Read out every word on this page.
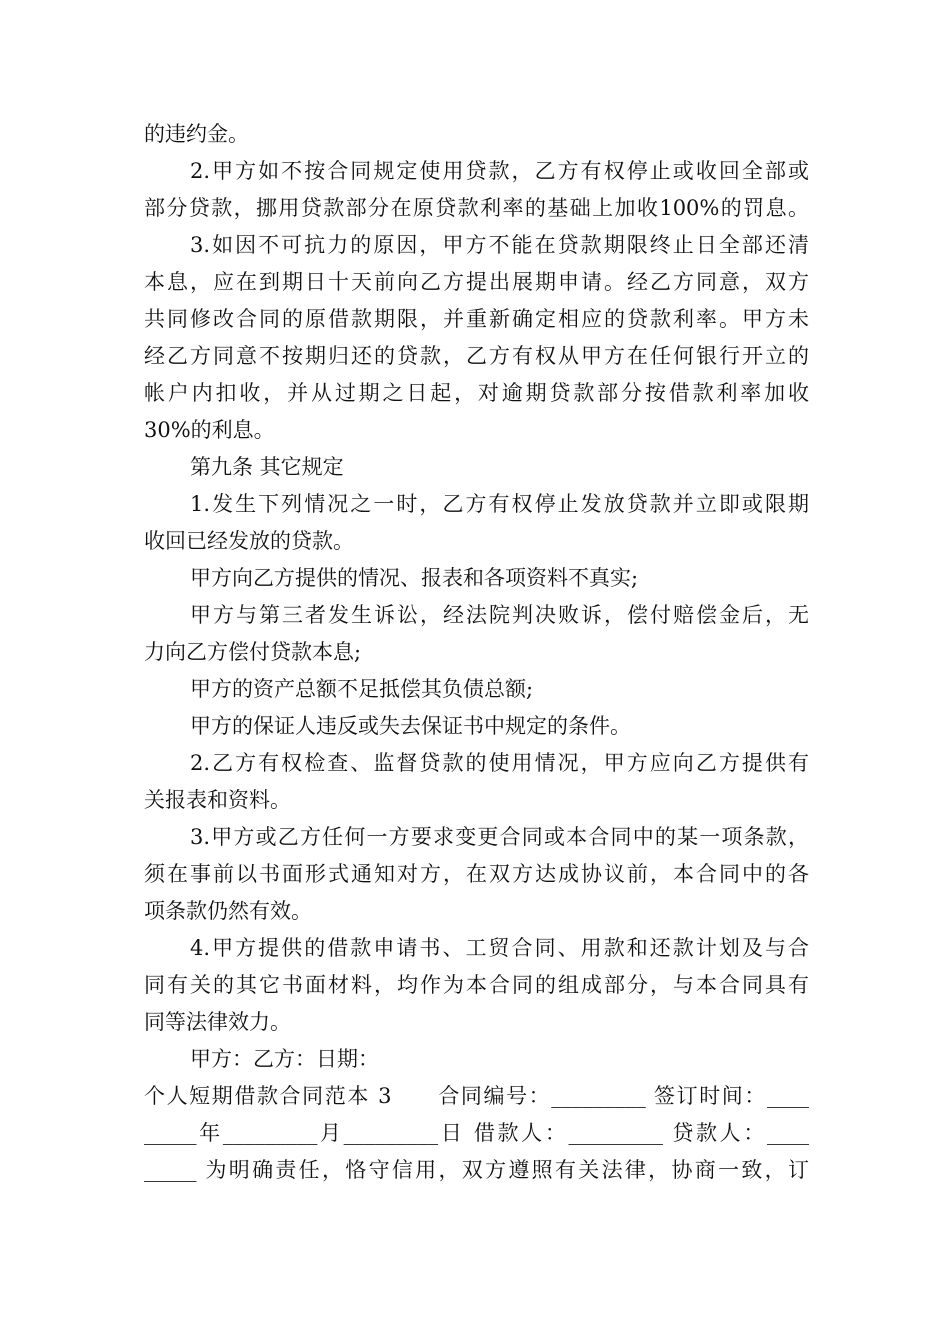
的违约金。
2.甲方如不按合同规定使用贷款，乙方有权停止或收回全部或
部分贷款，挪用贷款部分在原贷款利率的基础上加收100%的罚息。
3.如因不可抗力的原因，甲方不能在贷款期限终止日全部还清
本息，应在到期日十天前向乙方提出展期申请。经乙方同意，双方
共同修改合同的原借款期限，并重新确定相应的贷款利率。甲方未
经乙方同意不按期归还的贷款，乙方有权从甲方在任何银行开立的
帐户内扣收，并从过期之日起，对逾期贷款部分按借款利率加收
30%的利息。
第九条 其它规定
1.发生下列情况之一时，乙方有权停止发放贷款并立即或限期
收回已经发放的贷款。
甲方向乙方提供的情况、报表和各项资料不真实;
甲方与第三者发生诉讼，经法院判决败诉，偿付赔偿金后，无
力向乙方偿付贷款本息;
甲方的资产总额不足抵偿其负债总额;
甲方的保证人违反或失去保证书中规定的条件。
2.乙方有权检查、监督贷款的使用情况，甲方应向乙方提供有
关报表和资料。
3.甲方或乙方任何一方要求变更合同或本合同中的某一项条款，
须在事前以书面形式通知对方，在双方达成协议前，本合同中的各
项条款仍然有效。
4.甲方提供的借款申请书、工贸合同、用款和还款计划及与合
同有关的其它书面材料，均作为本合同的组成部分，与本合同具有
同等法律效力。
甲方：乙方：日期：
个人短期借款合同范本 3　　合同编号：_________ 签订时间：____
_____年_________月_________日 借款人：_________ 贷款人：____
_____ 为明确责任，恪守信用，双方遵照有关法律，协商一致，订
